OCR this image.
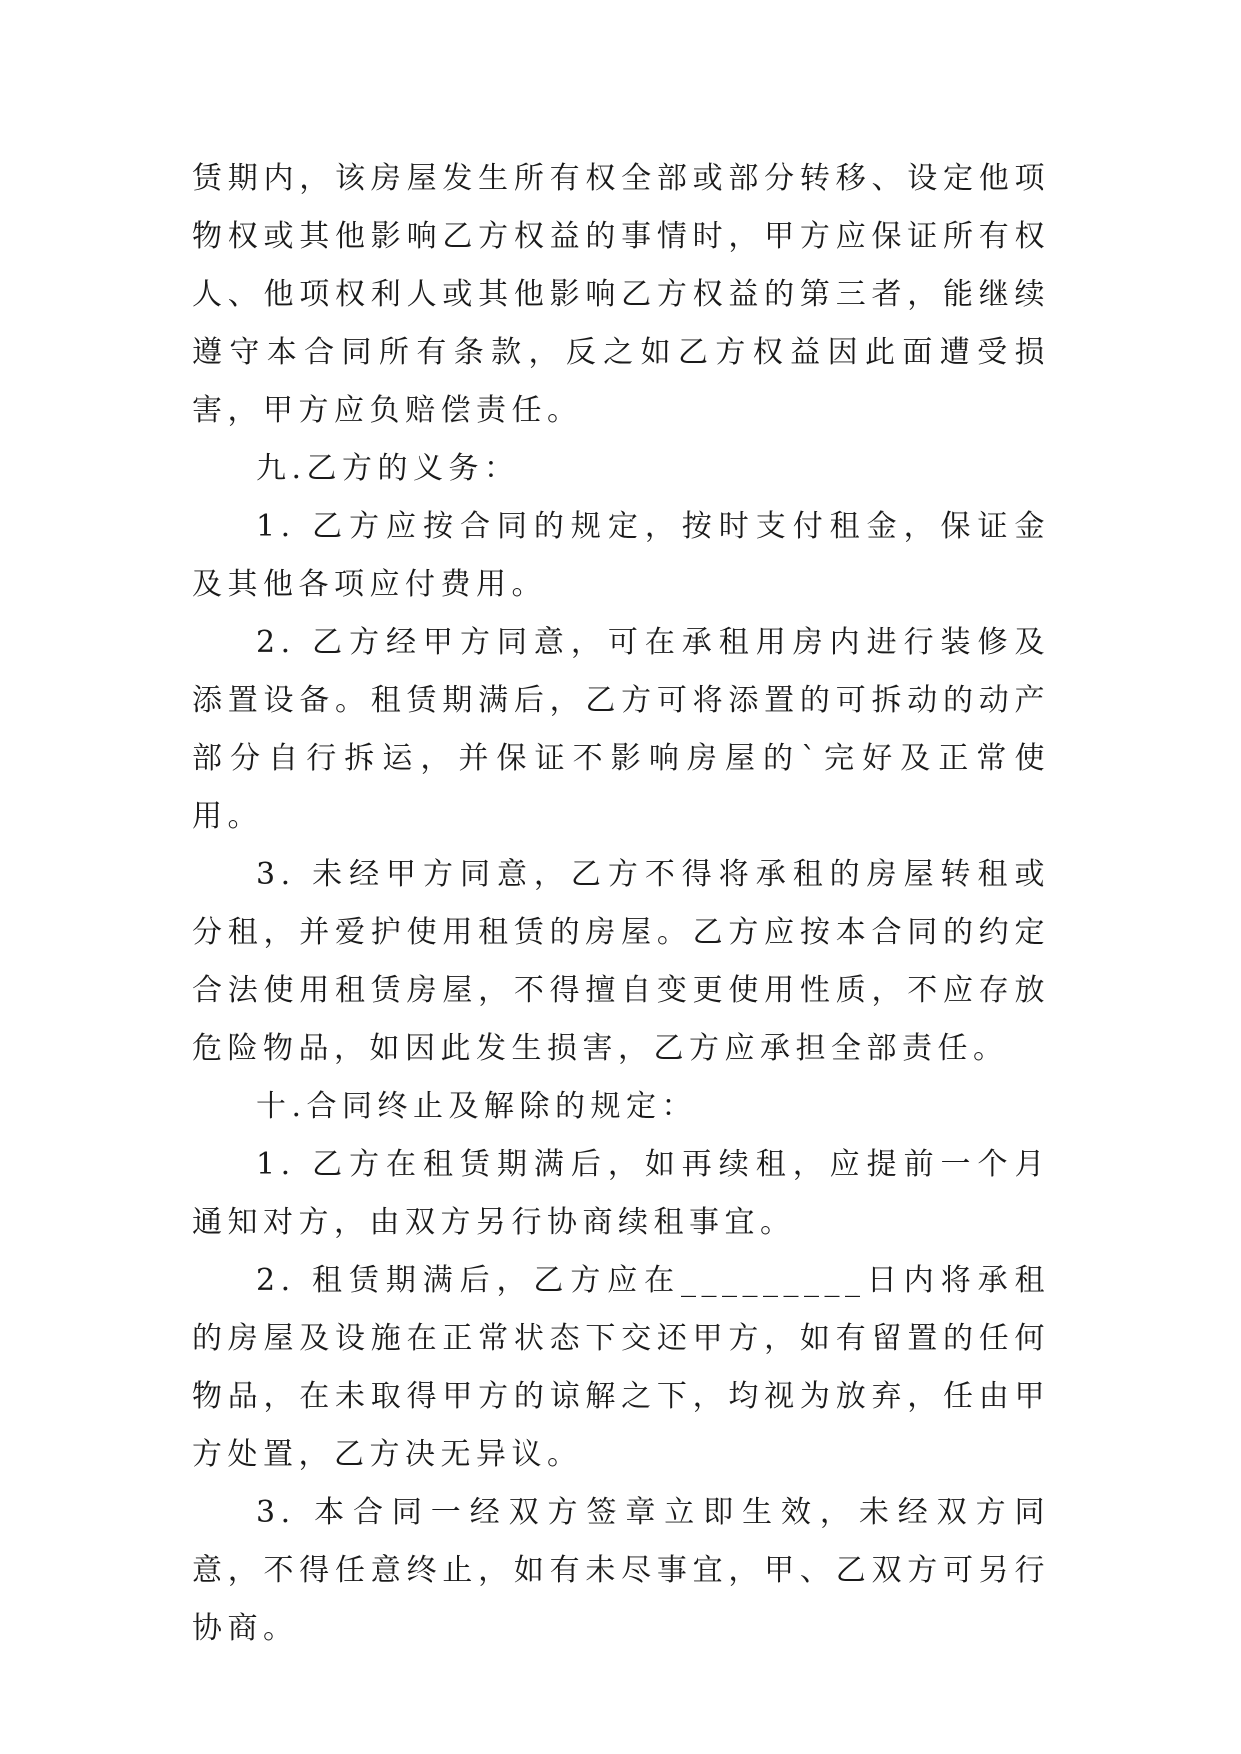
赁期内，该房屋发生所有权全部或部分转移、设定他项物权或其他影响乙方权益的事情时，甲方应保证所有权人、他项权利人或其他影响乙方权益的第三者，能继续遵守本合同所有条款，反之如乙方权益因此面遭受损害，甲方应负赔偿责任。

九.乙方的义务：

1. 乙方应按合同的规定，按时支付租金，保证金及其他各项应付费用。

2. 乙方经甲方同意，可在承租用房内进行装修及添置设备。租赁期满后，乙方可将添置的可拆动的动产部分自行拆运，并保证不影响房屋的`完好及正常使用。

3. 未经甲方同意，乙方不得将承租的房屋转租或分租，并爱护使用租赁的房屋。乙方应按本合同的约定合法使用租赁房屋，不得擅自变更使用性质，不应存放危险物品，如因此发生损害，乙方应承担全部责任。

十.合同终止及解除的规定：

1. 乙方在租赁期满后，如再续租，应提前一个月通知对方，由双方另行协商续租事宜。

2. 租赁期满后，乙方应在_________日内将承租的房屋及设施在正常状态下交还甲方，如有留置的任何物品，在未取得甲方的谅解之下，均视为放弃，任由甲方处置，乙方决无异议。

3. 本合同一经双方签章立即生效，未经双方同意，不得任意终止，如有未尽事宜，甲、乙双方可另行协商。
